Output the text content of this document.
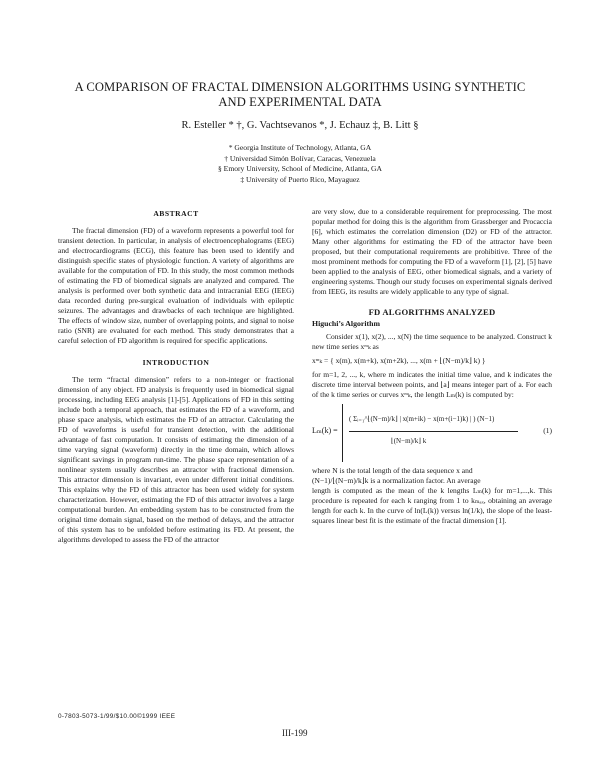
A COMPARISON OF FRACTAL DIMENSION ALGORITHMS USING SYNTHETIC
AND EXPERIMENTAL DATA
R. Esteller * †, G. Vachtsevanos *, J. Echauz ‡, B. Litt §
* Georgia Institute of Technology, Atlanta, GA
† Universidad Simón Bolívar, Caracas, Venezuela
§ Emory University, School of Medicine, Atlanta, GA
‡ University of Puerto Rico, Mayaguez
ABSTRACT

The fractal dimension (FD) of a waveform represents a powerful tool for transient detection. In particular, in analysis of electroencephalograms (EEG) and electrocardiograms (ECG), this feature has been used to identify and distinguish specific states of physiologic function. A variety of algorithms are available for the computation of FD. In this study, the most common methods of estimating the FD of biomedical signals are analyzed and compared. The analysis is performed over both synthetic data and intracranial EEG (IEEG) data recorded during pre-surgical evaluation of individuals with epileptic seizures. The advantages and drawbacks of each technique are highlighted. The effects of window size, number of overlapping points, and signal to noise ratio (SNR) are evaluated for each method. This study demonstrates that a careful selection of FD algorithm is required for specific applications.

INTRODUCTION

The term “fractal dimension” refers to a non-integer or fractional dimension of any object. FD analysis is frequently used in biomedical signal processing, including EEG analysis [1]-[5]. Applications of FD in this setting include both a temporal approach, that estimates the FD of a waveform, and phase space analysis, which estimates the FD of an attractor. Calculating the FD of waveforms is useful for transient detection, with the additional advantage of fast computation. It consists of estimating the dimension of a time varying signal (waveform) directly in the time domain, which allows significant savings in program run-time. The phase space representation of a nonlinear system usually describes an attractor with fractional dimension. This attractor dimension is invariant, even under different initial conditions. This explains why the FD of this attractor has been used widely for system characterization. However, estimating the FD of this attractor involves a large computational burden. An embedding system has to be constructed from the original time domain signal, based on the method of delays, and the attractor of this system has to be unfolded before estimating its FD. At present, the algorithms developed to assess the FD of the attractor

are very slow, due to a considerable requirement for preprocessing. The most popular method for doing this is the algorithm from Grassberger and Procaccia [6], which estimates the correlation dimension (D2) or FD of the attractor. Many other algorithms for estimating the FD of the attractor have been proposed, but their computational requirements are prohibitive. Three of the most prominent methods for computing the FD of a waveform [1], [2], [5] have been applied to the analysis of EEG, other biomedical signals, and a variety of engineering systems. Though our study focuses on experimental signals derived from IEEG, its results are widely applicable to any type of signal.

FD ALGORITHMS ANALYZED
Higuchi’s Algorithm

Consider x(1), x(2), ..., x(N) the time sequence to be analyzed. Construct k new time series xᵐₖ as

xᵐₖ = { x(m), x(m+k), x(m+2k), ..., x(m + ⌊(N−m)/k⌋ k) }

for m=1, 2, ..., k, where m indicates the initial time value, and k indicates the discrete time interval between points, and ⌊a⌋ means integer part of a. For each of the k time series or curves xᵐₖ, the length Lₘ(k) is computed by:

Lₘ(k) =
( Σᵢ₌₁^⌊(N−m)/k⌋ | x(m+ik) − x(m+(i−1)k) | ) (N−1)
⌊(N−m)/k⌋ k
(1)

where N is the total length of the data sequence x and

(N−1)/⌊(N−m)/k⌋k is a normalization factor. An average

length is computed as the mean of the k lengths Lₘ(k) for m=1,...,k. This procedure is repeated for each k ranging from 1 to kₘₐₓ, obtaining an average length for each k. In the curve of ln(L(k)) versus ln(1/k), the slope of the least-squares linear best fit is the estimate of the fractal dimension [1].

0-7803-5073-1/99/$10.00©1999 IEEE
III-199
